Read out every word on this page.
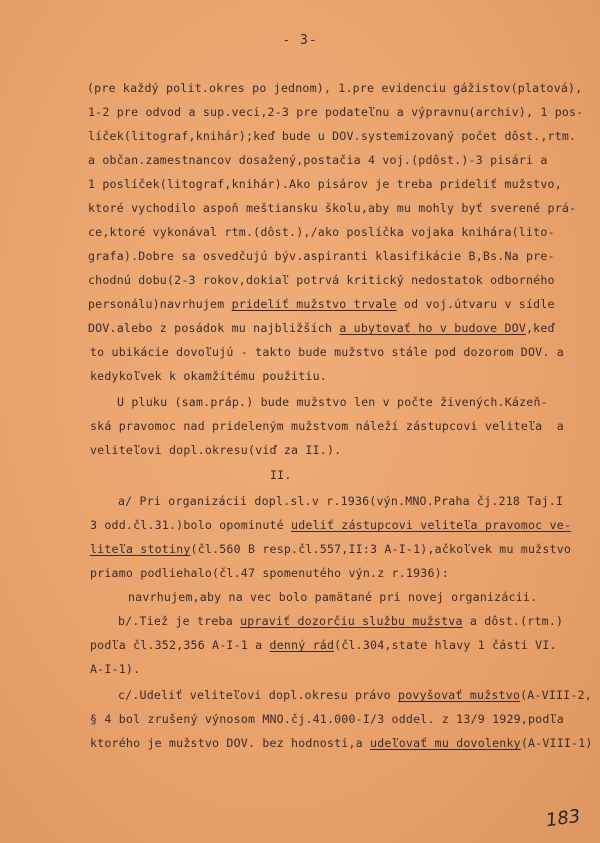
- 3-
(pre každý polit.okres po jednom), 1.pre evidenciu gážistov(platová),
1-2 pre odvod a sup.veci,2-3 pre podateľnu a výpravnu(archiv), 1 pos-
líček(litograf,knihár);keď bude u DOV.systemizovaný počet dôst.,rtm.
a občan.zamestnancov dosažený,postačia 4 voj.(pdôst.)-3 pisári a
1 poslíček(litograf,knihár).Ako pisárov je treba prideliť mužstvo,
ktoré vychodilo aspoň meštiansku školu,aby mu mohly byť sverené prá-
ce,ktoré vykonával rtm.(dôst.),/ako poslíčka vojaka knihára(lito-
grafa).Dobre sa osvedčujú býv.aspiranti klasifikácie B,Bs.Na pre-
chodnú dobu(2-3 rokov,dokiaľ potrvá kritický nedostatok odborného
personálu)navrhujem prideliť mužstvo trvale od voj.útvaru v sídle
DOV.alebo z posádok mu najbližších a ubytovať ho v budove DOV,keď
to ubikácie dovoľujú - takto bude mužstvo stále pod dozorom DOV. a
kedykoľvek k okamžitému použitiu.
U pluku (sam.práp.) bude mužstvo len v počte živených.Kázeň-
ská pravomoc nad prideleným mužstvom náleží zástupcovi veliteľa  a
veliteľovi dopl.okresu(viď za II.).
II.
a/ Pri organizácii dopl.sl.v r.1936(výn.MNO.Praha čj.218 Taj.I
3 odd.čl.31.)bolo opominuté udeliť zástupcovi veliteľa pravomoc ve-
liteľa stotiny(čl.560 B resp.čl.557,II:3 A-I-1),ačkoľvek mu mužstvo
priamo podliehalo(čl.47 spomenutého výn.z r.1936):
navrhujem,aby na vec bolo pamätané pri novej organizácii.
b/.Tiež je treba upraviť dozorčiu službu mužstva a dôst.(rtm.)
podľa čl.352,356 A-I-1 a denný rád(čl.304,state hlavy 1 části VI.
A-I-1).
c/.Udeliť veliteľovi dopl.okresu právo povyšovať mužstvo(A-VIII-2,
§ 4 bol zrušený výnosom MNO.čj.41.000-I/3 oddel. z 13/9 1929,podľa
ktorého je mužstvo DOV. bez hodnosti,a udeľovať mu dovolenky(A-VIII-1)
183
